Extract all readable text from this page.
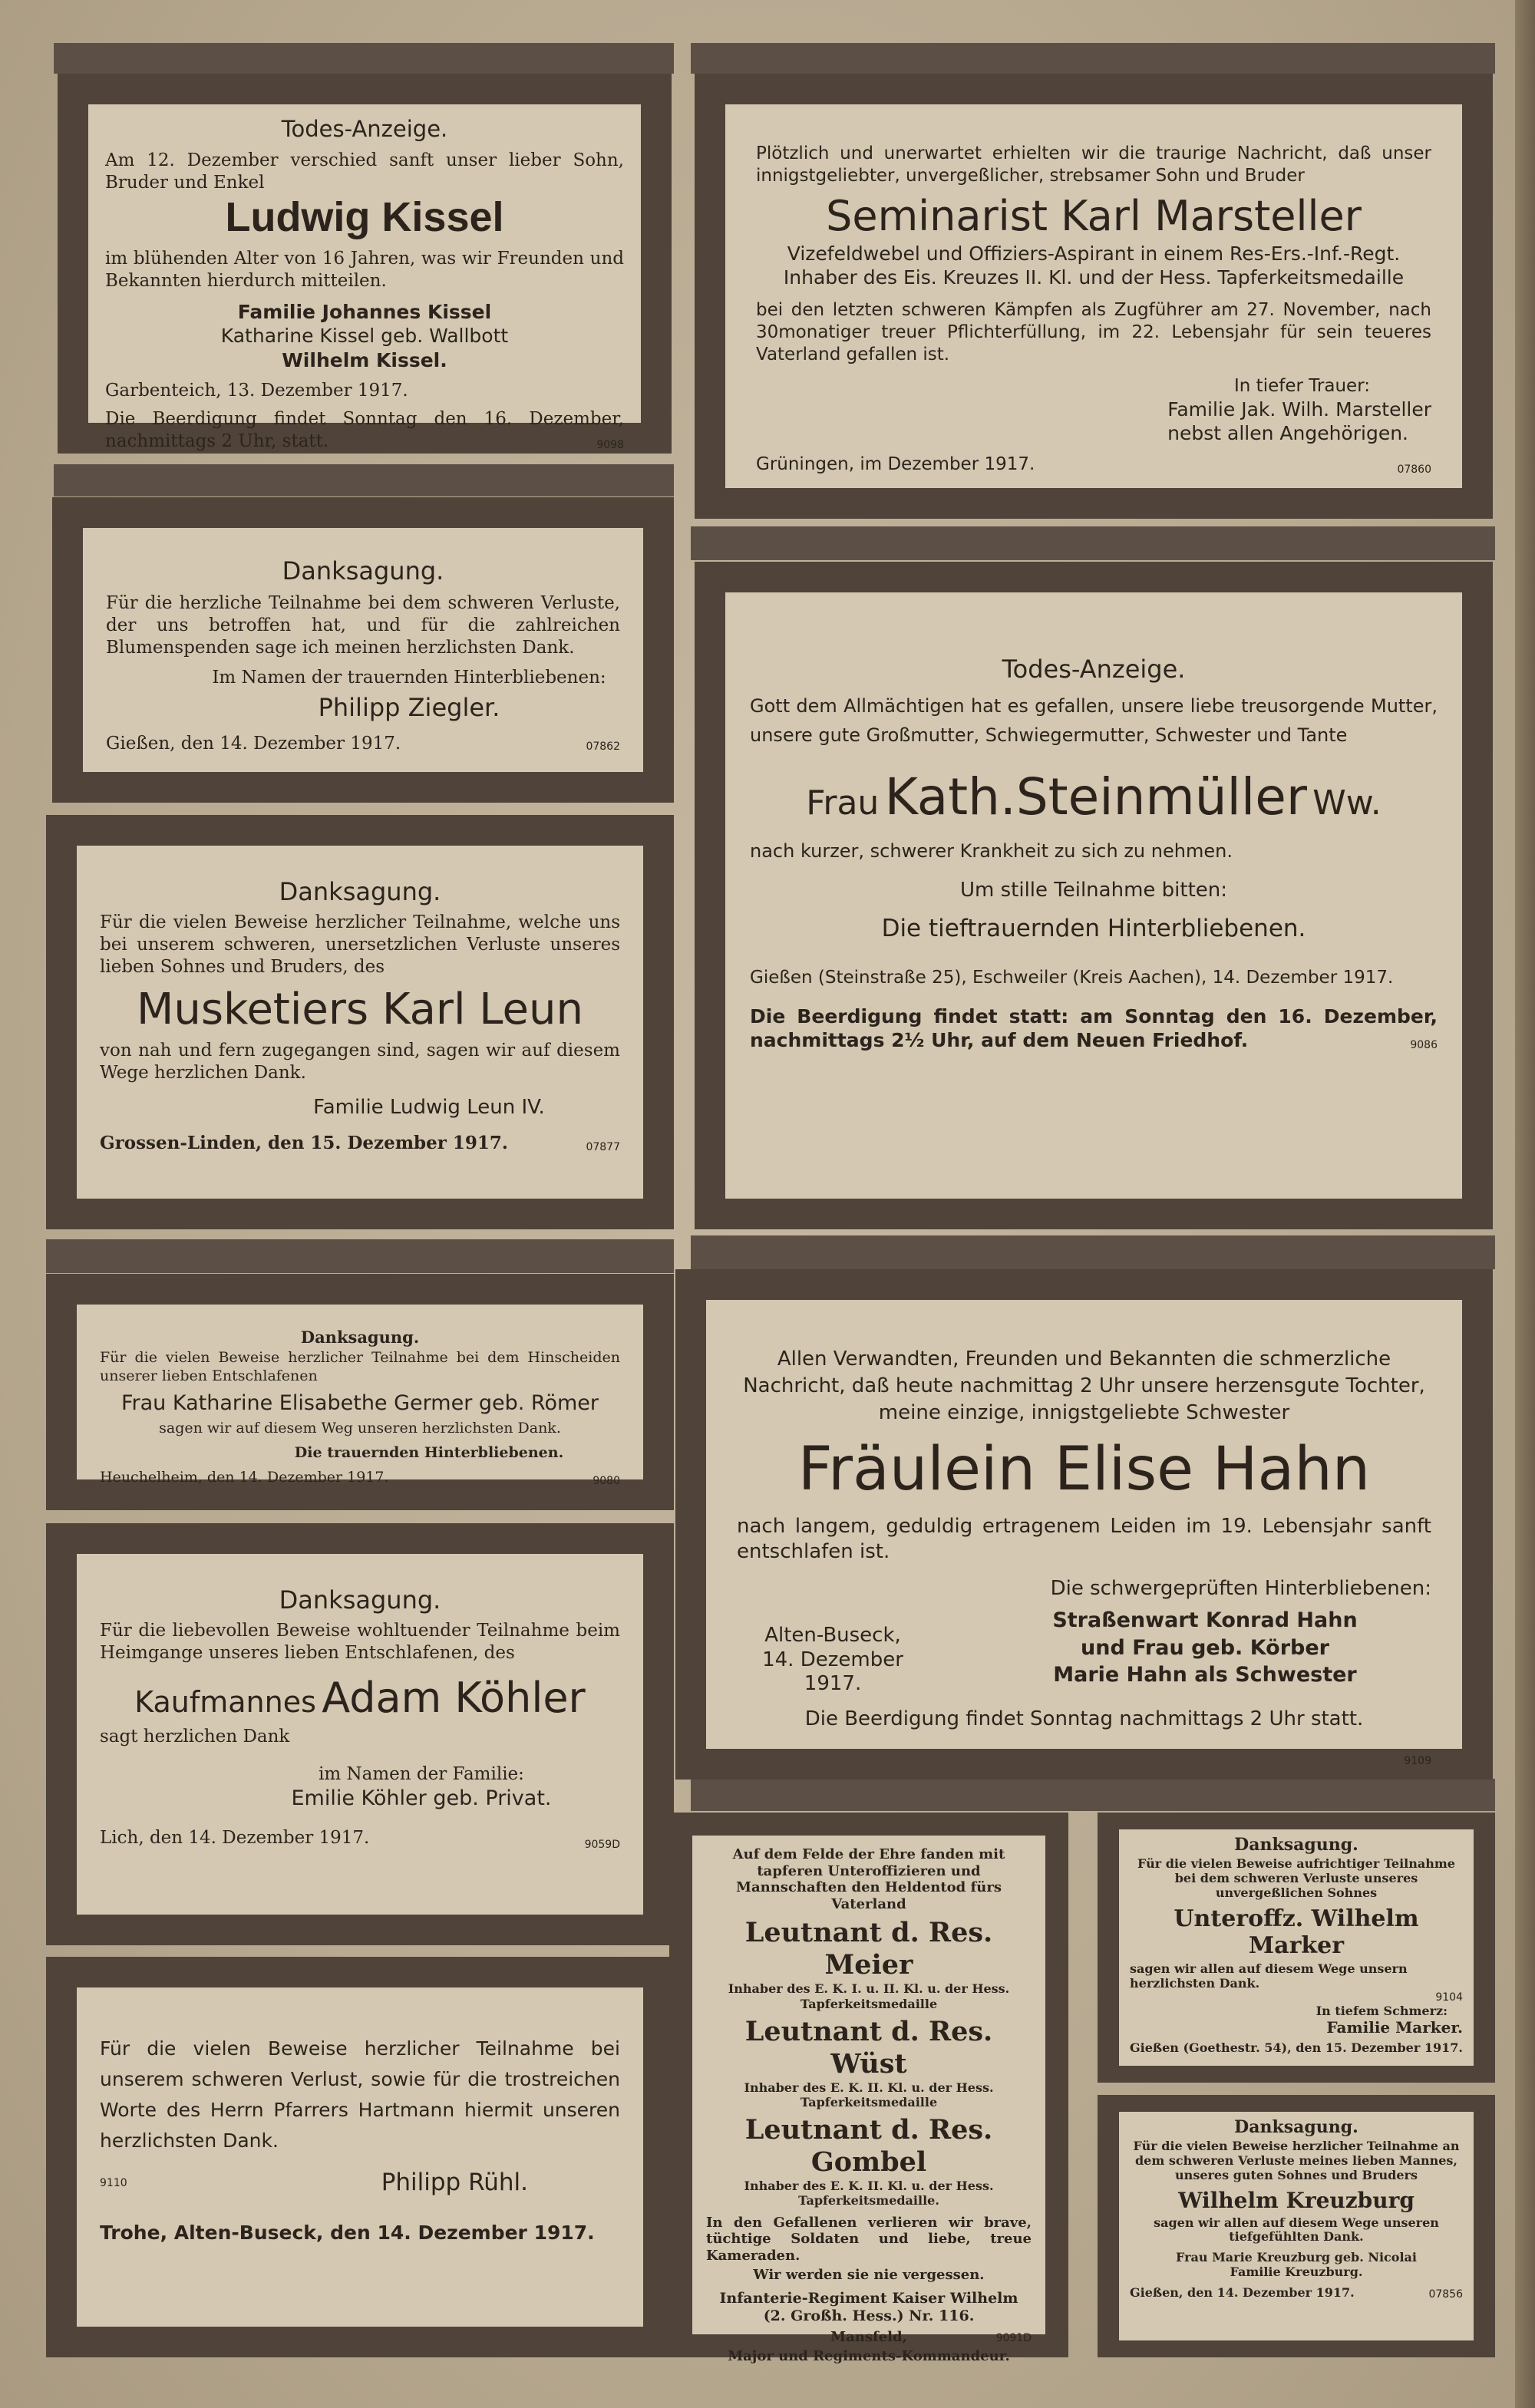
Todes-Anzeige.

Am 12. Dezember verschied sanft unser lieber Sohn, Bruder und Enkel

Ludwig Kissel

im blühenden Alter von 16 Jahren, was wir Freunden und Bekannten hierdurch mitteilen.

Familie Johannes Kissel

Katharine Kissel geb. Wallbott

Wilhelm Kissel.

Garbenteich, 13. Dezember 1917.

Die Beerdigung findet Sonntag den 16. Dezember, nachmittags 2 Uhr, statt.	9098

Plötzlich und unerwartet erhielten wir die traurige Nachricht, daß unser innigstgeliebter, unvergeßlicher, strebsamer Sohn und Bruder

Seminarist Karl Marsteller

Vizefeldwebel und Offiziers-Aspirant in einem Res-Ers.-Inf.-Regt.

Inhaber des Eis. Kreuzes II. Kl. und der Hess. Tapferkeitsmedaille

bei den letzten schweren Kämpfen als Zugführer am 27. November, nach 30monatiger treuer Pflichterfüllung, im 22. Lebensjahr für sein teueres Vaterland gefallen ist.

In tiefer Trauer:

Familie Jak. Wilh. Marsteller

nebst allen Angehörigen.

Grüningen, im Dezember 1917.	07860

Danksagung.

Für die herzliche Teilnahme bei dem schweren Verluste, der uns betroffen hat, und für die zahlreichen Blumenspenden sage ich meinen herzlichsten Dank.

Im Namen der trauernden Hinterbliebenen:

Philipp Ziegler.

Gießen, den 14. Dezember 1917.	07862

Todes-Anzeige.

Gott dem Allmächtigen hat es gefallen, unsere liebe treusorgende Mutter, unsere gute Großmutter, Schwiegermutter, Schwester und Tante

Frau Kath.Steinmüller Ww.

nach kurzer, schwerer Krankheit zu sich zu nehmen.

Um stille Teilnahme bitten:

Die tieftrauernden Hinterbliebenen.

Gießen (Steinstraße 25), Eschweiler (Kreis Aachen), 14. Dezember 1917.

Die Beerdigung findet statt: am Sonntag den 16. Dezember, nachmittags 2½ Uhr, auf dem Neuen Friedhof.	9086

Danksagung.

Für die vielen Beweise herzlicher Teilnahme, welche uns bei unserem schweren, unersetzlichen Verluste unseres lieben Sohnes und Bruders, des

Musketiers Karl Leun

von nah und fern zugegangen sind, sagen wir auf diesem Wege herzlichen Dank.

Familie Ludwig Leun IV.

Grossen-Linden, den 15. Dezember 1917.	07877

Danksagung.

Für die vielen Beweise herzlicher Teilnahme bei dem Hinscheiden unserer lieben Entschlafenen

Frau Katharine Elisabethe Germer geb. Römer

sagen wir auf diesem Weg unseren herzlichsten Dank.

Die trauernden Hinterbliebenen.

Heuchelheim, den 14. Dezember 1917.	9080

Allen Verwandten, Freunden und Bekannten die schmerzliche Nachricht, daß heute nachmittag 2 Uhr unsere herzensgute Tochter, meine einzige, innigstgeliebte Schwester

Fräulein Elise Hahn

nach langem, geduldig ertragenem Leiden im 19. Lebensjahr sanft entschlafen ist.

Alten-Buseck,
14. Dezember 1917.

Die schwergeprüften Hinterbliebenen:

Straßenwart Konrad Hahn
und Frau geb. Körber
Marie Hahn als Schwester

Die Beerdigung findet Sonntag nachmittags 2 Uhr statt.

9109

Danksagung.

Für die liebevollen Beweise wohltuender Teilnahme beim Heimgange unseres lieben Entschlafenen, des

Kaufmannes Adam Köhler

sagt herzlichen Dank

im Namen der Familie:

Emilie Köhler geb. Privat.

Lich, den 14. Dezember 1917.	9059D

Auf dem Felde der Ehre fanden mit tapferen Unteroffizieren und Mannschaften den Heldentod fürs Vaterland

Leutnant d. Res. Meier

Inhaber des E. K. I. u. II. Kl. u. der Hess. Tapferkeitsmedaille

Leutnant d. Res. Wüst

Inhaber des E. K. II. Kl. u. der Hess. Tapferkeitsmedaille

Leutnant d. Res. Gombel

Inhaber des E. K. II. Kl. u. der Hess. Tapferkeitsmedaille.

In den Gefallenen verlieren wir brave, tüchtige Soldaten und liebe, treue Kameraden.

Wir werden sie nie vergessen.

Infanterie-Regiment Kaiser Wilhelm

(2. Großh. Hess.) Nr. 116.

Mansfeld,	9091D

Major und Regiments-Kommandeur.

Danksagung.

Für die vielen Beweise aufrichtiger Teilnahme bei dem schweren Verluste unseres unvergeßlichen Sohnes

Unteroffz. Wilhelm Marker

sagen wir allen auf diesem Wege unsern herzlichsten Dank.

9104

In tiefem Schmerz:

Familie Marker.

Gießen (Goethestr. 54), den 15. Dezember 1917.

Für die vielen Beweise herzlicher Teilnahme bei unserem schweren Verlust, sowie für die trostreichen Worte des Herrn Pfarrers Hartmann hiermit unseren herzlichsten Dank.

9110	Philipp Rühl.

Trohe, Alten-Buseck, den 14. Dezember 1917.

Danksagung.

Für die vielen Beweise herzlicher Teilnahme an dem schweren Verluste meines lieben Mannes, unseres guten Sohnes und Bruders

Wilhelm Kreuzburg

sagen wir allen auf diesem Wege unseren tiefgefühlten Dank.

Frau Marie Kreuzburg geb. Nicolai

Familie Kreuzburg.

Gießen, den 14. Dezember 1917.	07856
